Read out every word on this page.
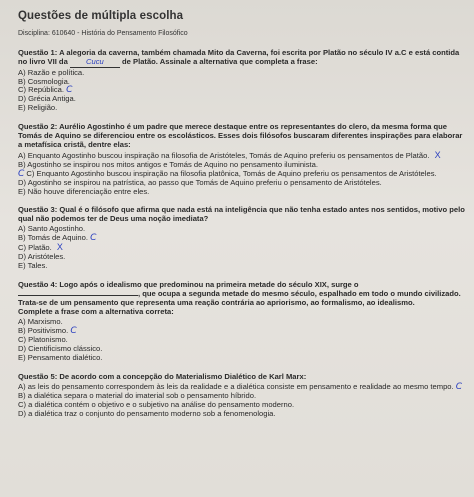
Questões de múltipla escolha
Disciplina: 610640 - História do Pensamento Filosófico
Questão 1: A alegoria da caverna, também chamada Mito da Caverna, foi escrita por Platão no século IV a.C e está contida no livro VII da Cucu de Platão. Assinale a alternativa que completa a frase:
A) Razão e política.
B) Cosmologia.
C) República. C
D) Grécia Antiga.
E) Religião.
Questão 2: Aurélio Agostinho é um padre que merece destaque entre os representantes do clero, da mesma forma que Tomás de Aquino se diferenciou entre os escolásticos. Esses dois filósofos buscaram diferentes inspirações para elaborar a metafísica cristã, dentre elas:
A) Enquanto Agostinho buscou inspiração na filosofia de Aristóteles, Tomás de Aquino preferiu os pensamentos de Platão. X
B) Agostinho se inspirou nos mitos antigos e Tomás de Aquino no pensamento iluminista.
C C) Enquanto Agostinho buscou inspiração na filosofia platônica, Tomás de Aquino preferiu os pensamentos de Aristóteles.
D) Agostinho se inspirou na patrística, ao passo que Tomás de Aquino preferiu o pensamento de Aristóteles.
E) Não houve diferenciação entre eles.
Questão 3: Qual é o filósofo que afirma que nada está na inteligência que não tenha estado antes nos sentidos, motivo pelo qual não podemos ter de Deus uma noção imediata?
A) Santo Agostinho.
B) Tomás de Aquino. C
C) Platão. X
D) Aristóteles.
E) Tales.
Questão 4: Logo após o idealismo que predominou na primeira metade do século XIX, surge o , que ocupa a segunda metade do mesmo século, espalhado em todo o mundo civilizado. Trata-se de um pensamento que representa uma reação contrária ao apriorismo, ao formalismo, ao idealismo.
Complete a frase com a alternativa correta:
A) Marxismo.
B) Positivismo. C
C) Platonismo.
D) Cientificismo clássico.
E) Pensamento dialético.
Questão 5: De acordo com a concepção do Materialismo Dialético de Karl Marx:
A) as leis do pensamento correspondem às leis da realidade e a dialética consiste em pensamento e realidade ao mesmo tempo. C
B) a dialética separa o material do imaterial sob o pensamento híbrido.
C) a dialética contém o objetivo e o subjetivo na análise do pensamento moderno.
D) a dialética traz o conjunto do pensamento moderno sob a fenomenologia.
